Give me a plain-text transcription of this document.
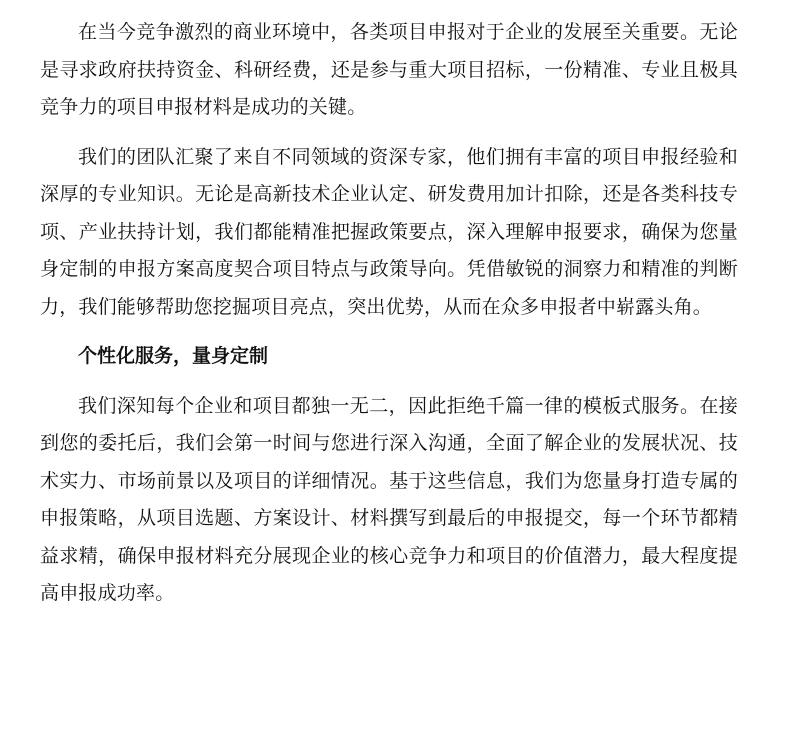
在当今竞争激烈的商业环境中，各类项目申报对于企业的发展至关重要。无论是寻求政府扶持资金、科研经费，还是参与重大项目招标，一份精准、专业且极具竞争力的项目申报材料是成功的关键。

我们的团队汇聚了来自不同领域的资深专家，他们拥有丰富的项目申报经验和深厚的专业知识。无论是高新技术企业认定、研发费用加计扣除，还是各类科技专项、产业扶持计划，我们都能精准把握政策要点，深入理解申报要求，确保为您量身定制的申报方案高度契合项目特点与政策导向。凭借敏锐的洞察力和精准的判断力，我们能够帮助您挖掘项目亮点，突出优势，从而在众多申报者中崭露头角。

个性化服务，量身定制

我们深知每个企业和项目都独一无二，因此拒绝千篇一律的模板式服务。在接到您的委托后，我们会第一时间与您进行深入沟通，全面了解企业的发展状况、技术实力、市场前景以及项目的详细情况。基于这些信息，我们为您量身打造专属的申报策略，从项目选题、方案设计、材料撰写到最后的申报提交，每一个环节都精益求精，确保申报材料充分展现企业的核心竞争力和项目的价值潜力，最大程度提高申报成功率。
